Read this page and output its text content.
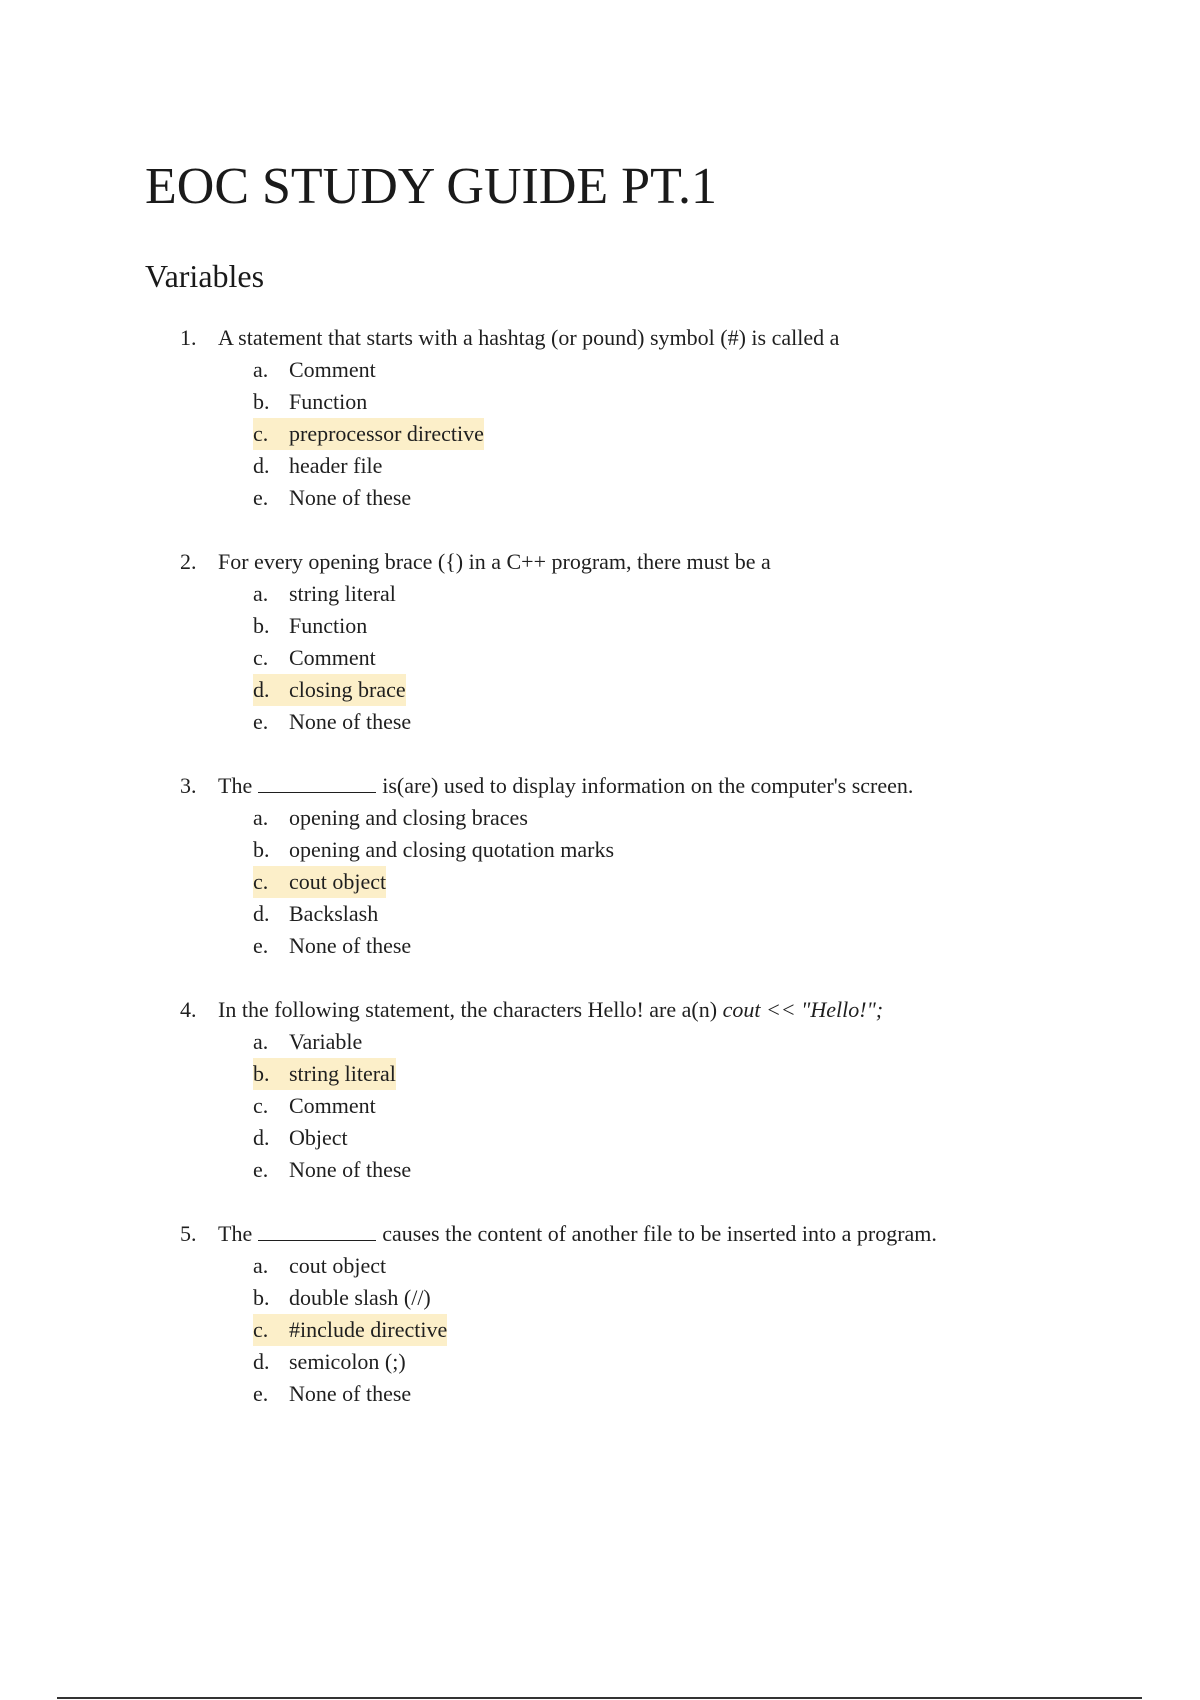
EOC STUDY GUIDE PT.1
Variables
1. A statement that starts with a hashtag (or pound) symbol (#) is called a
a. Comment
b. Function
c. preprocessor directive
d. header file
e. None of these
2. For every opening brace ({) in a C++ program, there must be a
a. string literal
b. Function
c. Comment
d. closing brace
e. None of these
3. The	is(are) used to display information on the computer's screen.
a. opening and closing braces
b. opening and closing quotation marks
c. cout object
d. Backslash
e. None of these
4. In the following statement, the characters Hello! are a(n) cout << "Hello!";
a. Variable
b. string literal
c. Comment
d. Object
e. None of these
5. The	causes the content of another file to be inserted into a program.
a. cout object
b. double slash (//)
c. #include directive
d. semicolon (;)
e. None of these
